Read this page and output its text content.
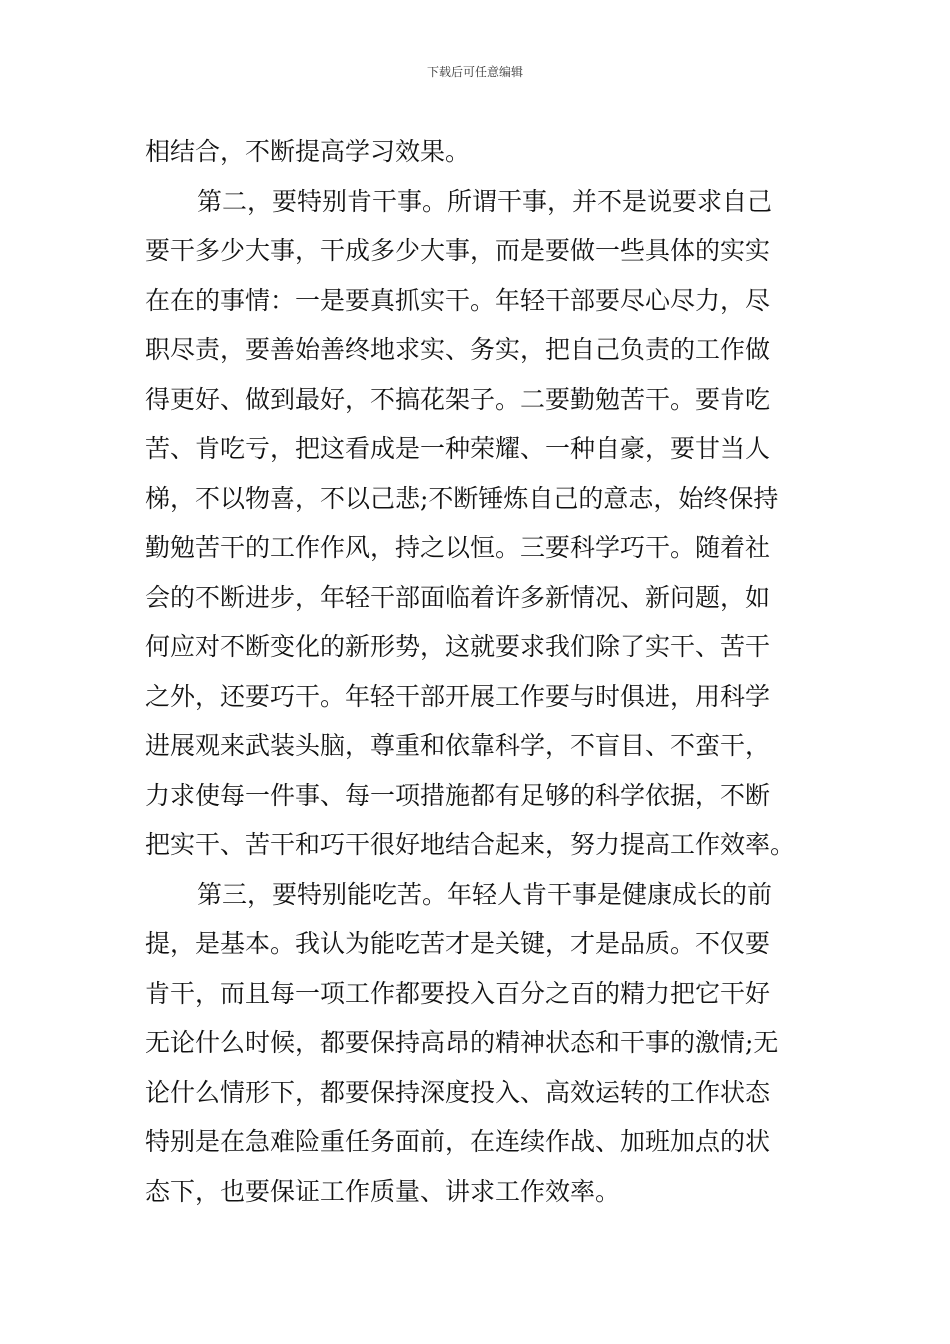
下载后可任意编辑
相结合，不断提高学习效果。
第二，要特别肯干事。所谓干事，并不是说要求自己
要干多少大事，干成多少大事，而是要做一些具体的实实
在在的事情：一是要真抓实干。年轻干部要尽心尽力，尽
职尽责，要善始善终地求实、务实，把自己负责的工作做
得更好、做到最好，不搞花架子。二要勤勉苦干。要肯吃
苦、肯吃亏，把这看成是一种荣耀、一种自豪，要甘当人
梯，不以物喜，不以己悲;不断锤炼自己的意志，始终保持
勤勉苦干的工作作风，持之以恒。三要科学巧干。随着社
会的不断进步，年轻干部面临着许多新情况、新问题，如
何应对不断变化的新形势，这就要求我们除了实干、苦干
之外，还要巧干。年轻干部开展工作要与时俱进，用科学
进展观来武装头脑，尊重和依靠科学，不盲目、不蛮干，
力求使每一件事、每一项措施都有足够的科学依据，不断
把实干、苦干和巧干很好地结合起来，努力提高工作效率。
第三，要特别能吃苦。年轻人肯干事是健康成长的前
提，是基本。我认为能吃苦才是关键，才是品质。不仅要
肯干，而且每一项工作都要投入百分之百的精力把它干好
无论什么时候，都要保持高昂的精神状态和干事的激情;无
论什么情形下，都要保持深度投入、高效运转的工作状态
特别是在急难险重任务面前，在连续作战、加班加点的状
态下，也要保证工作质量、讲求工作效率。
